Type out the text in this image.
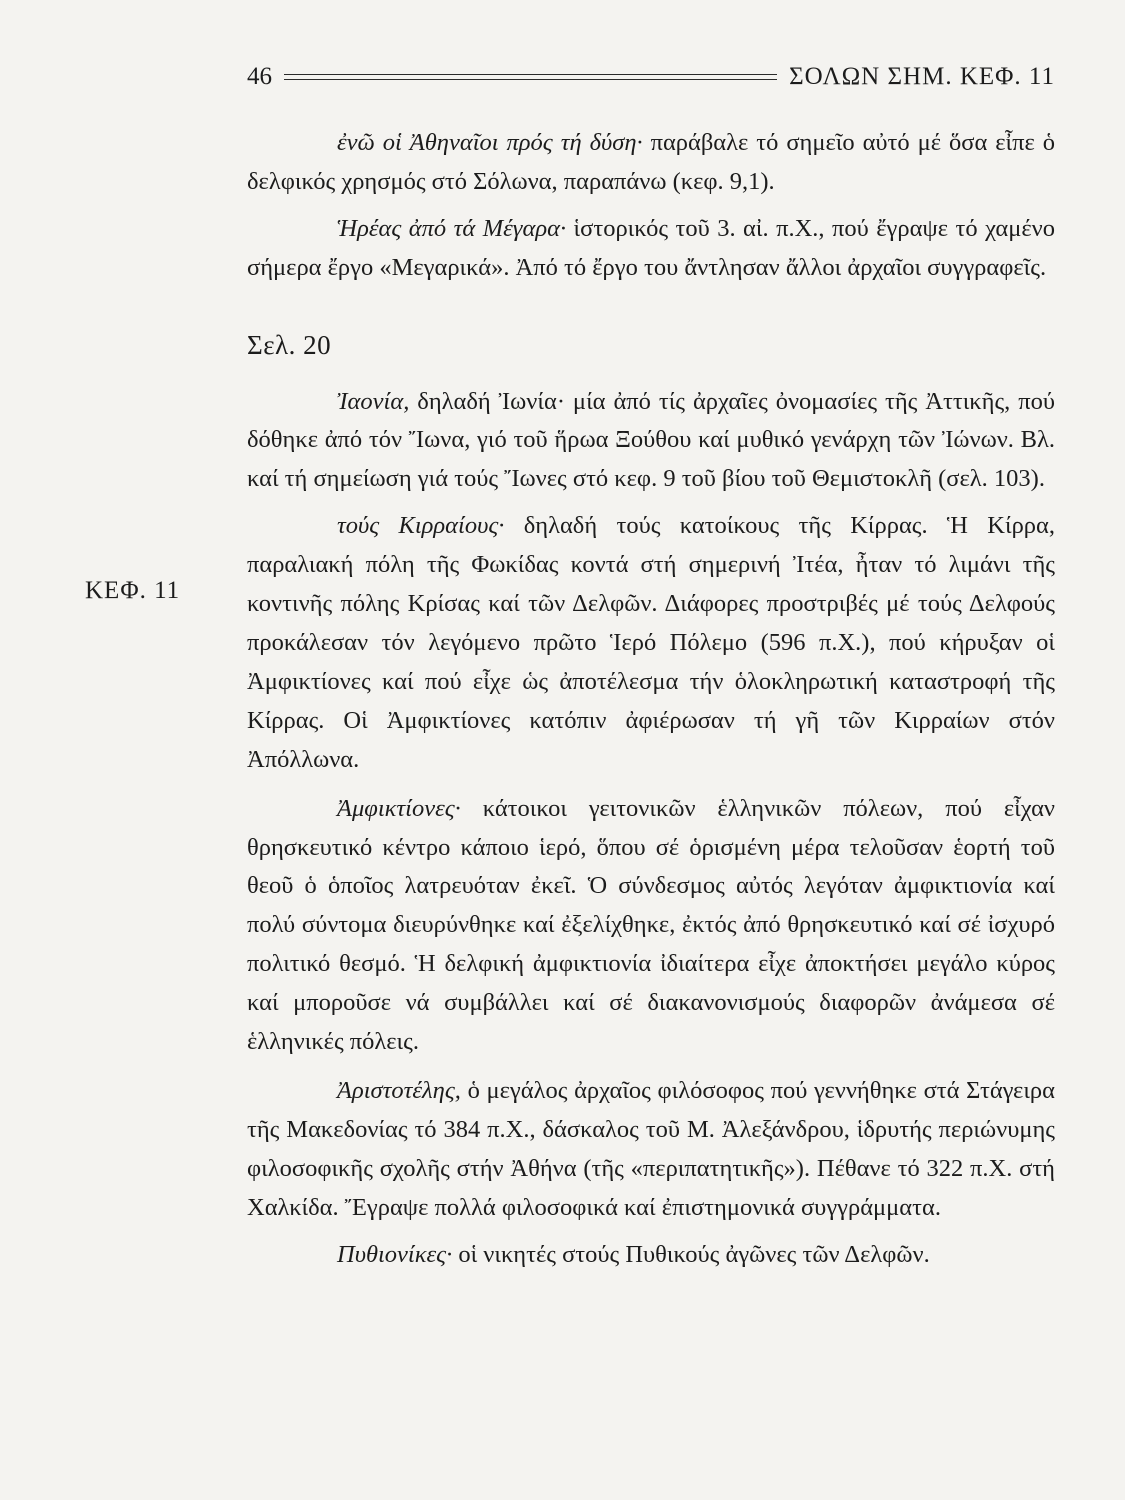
46	ΣΟΛΩΝ ΣΗΜ. ΚΕΦ. 11
ΚΕΦ. 11

ἐνῶ οἱ Ἀθηναῖοι πρός τή δύση· παράβαλε τό σημεῖο αὐτό μέ ὅσα εἶπε ὁ δελφικός χρησμός στό Σόλωνα, παραπάνω (κεφ. 9,1).

Ἡρέας ἀπό τά Μέγαρα· ἱστορικός τοῦ 3. αἰ. π.Χ., πού ἔγραψε τό χαμένο σήμερα ἔργο «Μεγαρικά». Ἀπό τό ἔργο του ἄντλησαν ἄλλοι ἀρχαῖοι συγγραφεῖς.

Σελ. 20

Ἰαονία, δηλαδή Ἰωνία· μία ἀπό τίς ἀρχαῖες ὀνομασίες τῆς Ἀττικῆς, πού δόθηκε ἀπό τόν Ἴωνα, γιό τοῦ ἥρωα Ξούθου καί μυθικό γενάρχη τῶν Ἰώνων. Βλ. καί τή σημείωση γιά τούς Ἴωνες στό κεφ. 9 τοῦ βίου τοῦ Θεμιστοκλῆ (σελ. 103).

τούς Κιρραίους· δηλαδή τούς κατοίκους τῆς Κίρρας. Ἡ Κίρρα, παραλιακή πόλη τῆς Φωκίδας κοντά στή σημερινή Ἰτέα, ἦταν τό λιμάνι τῆς κοντινῆς πόλης Κρίσας καί τῶν Δελφῶν. Διάφορες προστριβές μέ τούς Δελφούς προκάλεσαν τόν λεγόμενο πρῶτο Ἱερό Πόλεμο (596 π.Χ.), πού κήρυξαν οἱ Ἀμφικτίονες καί πού εἶχε ὡς ἀποτέλεσμα τήν ὁλοκληρωτική καταστροφή τῆς Κίρρας. Οἱ Ἀμφικτίονες κατόπιν ἀφιέρωσαν τή γῆ τῶν Κιρραίων στόν Ἀπόλλωνα.

Ἀμφικτίονες· κάτοικοι γειτονικῶν ἑλληνικῶν πόλεων, πού εἶχαν θρησκευτικό κέντρο κάποιο ἱερό, ὅπου σέ ὁρισμένη μέρα τελοῦσαν ἑορτή τοῦ θεοῦ ὁ ὁποῖος λατρευόταν ἐκεῖ. Ὁ σύνδεσμος αὐτός λεγόταν ἀμφικτιονία καί πολύ σύντομα διευρύνθηκε καί ἐξελίχθηκε, ἐκτός ἀπό θρησκευτικό καί σέ ἰσχυρό πολιτικό θεσμό. Ἡ δελφική ἀμφικτιονία ἰδιαίτερα εἶχε ἀποκτήσει μεγάλο κύρος καί μποροῦσε νά συμβάλλει καί σέ διακανονισμούς διαφορῶν ἀνάμεσα σέ ἑλληνικές πόλεις.

Ἀριστοτέλης, ὁ μεγάλος ἀρχαῖος φιλόσοφος πού γεννήθηκε στά Στάγειρα τῆς Μακεδονίας τό 384 π.Χ., δάσκαλος τοῦ Μ. Ἀλεξάνδρου, ἱδρυτής περιώνυμης φιλοσοφικῆς σχολῆς στήν Ἀθήνα (τῆς «περιπατητικῆς»). Πέθανε τό 322 π.Χ. στή Χαλκίδα. Ἔγραψε πολλά φιλοσοφικά καί ἐπιστημονικά συγγράμματα.

Πυθιονίκες· οἱ νικητές στούς Πυθικούς ἀγῶνες τῶν Δελφῶν.
